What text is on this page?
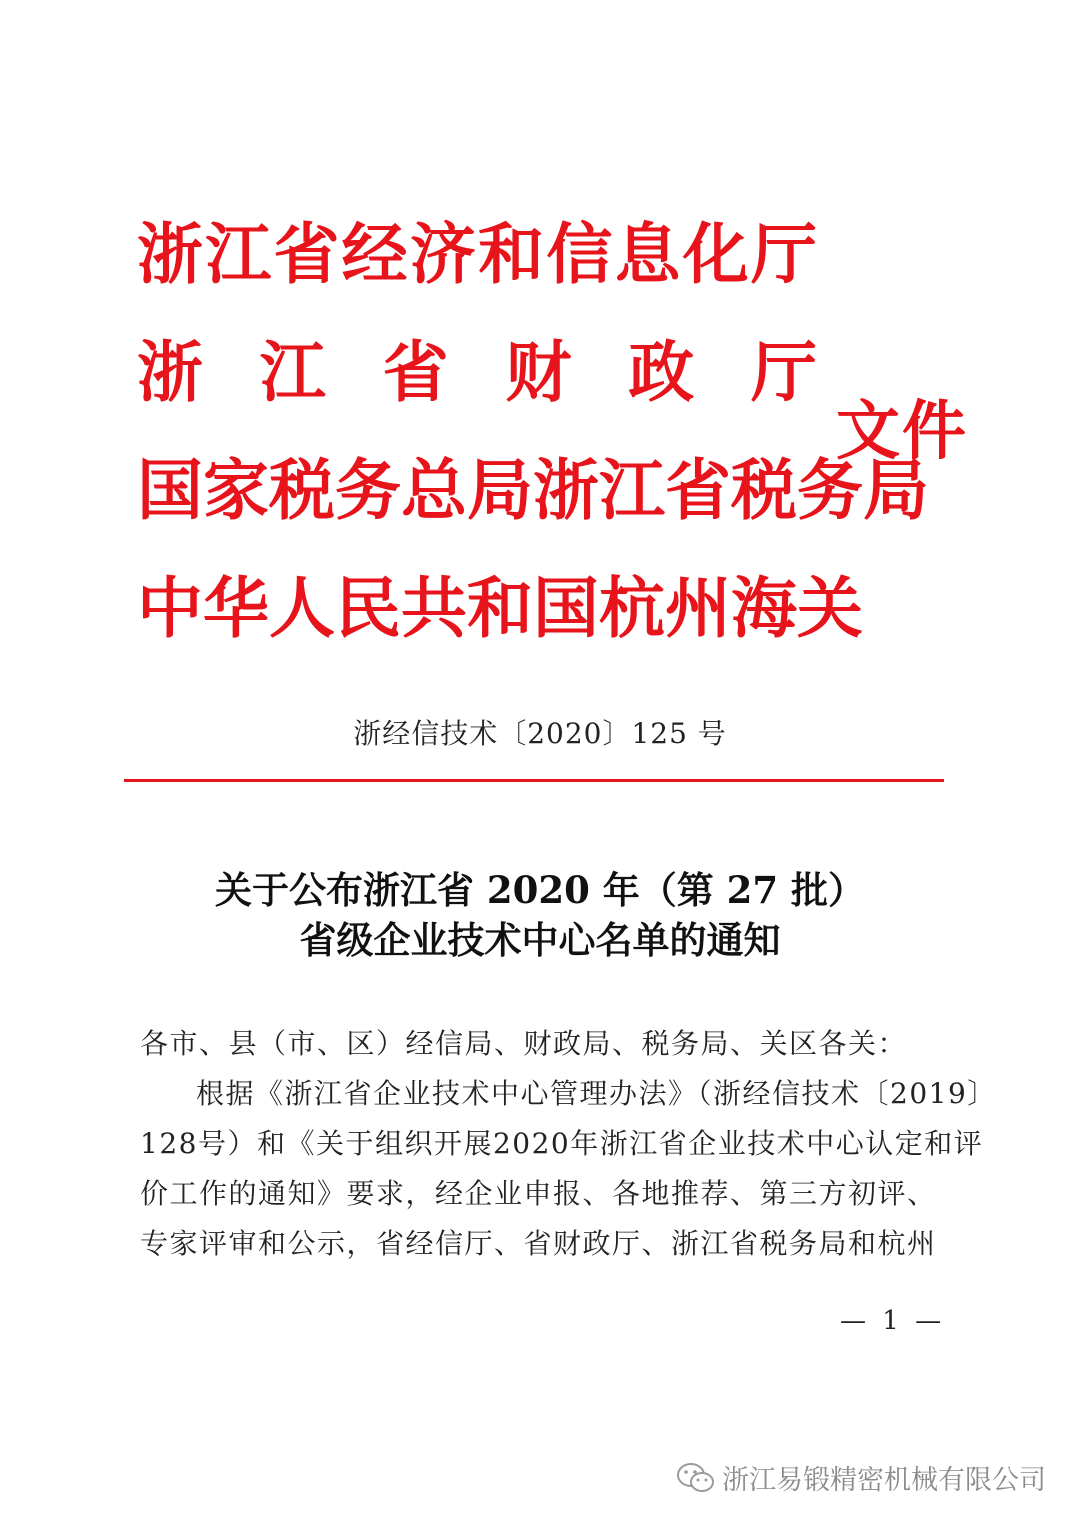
浙 江 省 经 济 和 信 息 化 厅
浙 江 省 财 政 厅
国 家 税 务 总 局 浙 江 省 税 务 局
中 华 人 民 共 和 国 杭 州 海 关
文件
浙经信技术〔2020〕125 号
关于公布浙江省 2020 年（第 27 批）
省级企业技术中心名单的通知
各市、县（市、区）经信局、财政局、税务局、关区各关：
根据《浙江省企业技术中心管理办法》（浙经信技术〔2019〕
128号）和《关于组织开展2020年浙江省企业技术中心认定和评
价工作的通知》要求，经企业申报、各地推荐、第三方初评、
专家评审和公示，省经信厅、省财政厅、浙江省税务局和杭州
— 1 —
浙江易锻精密机械有限公司
